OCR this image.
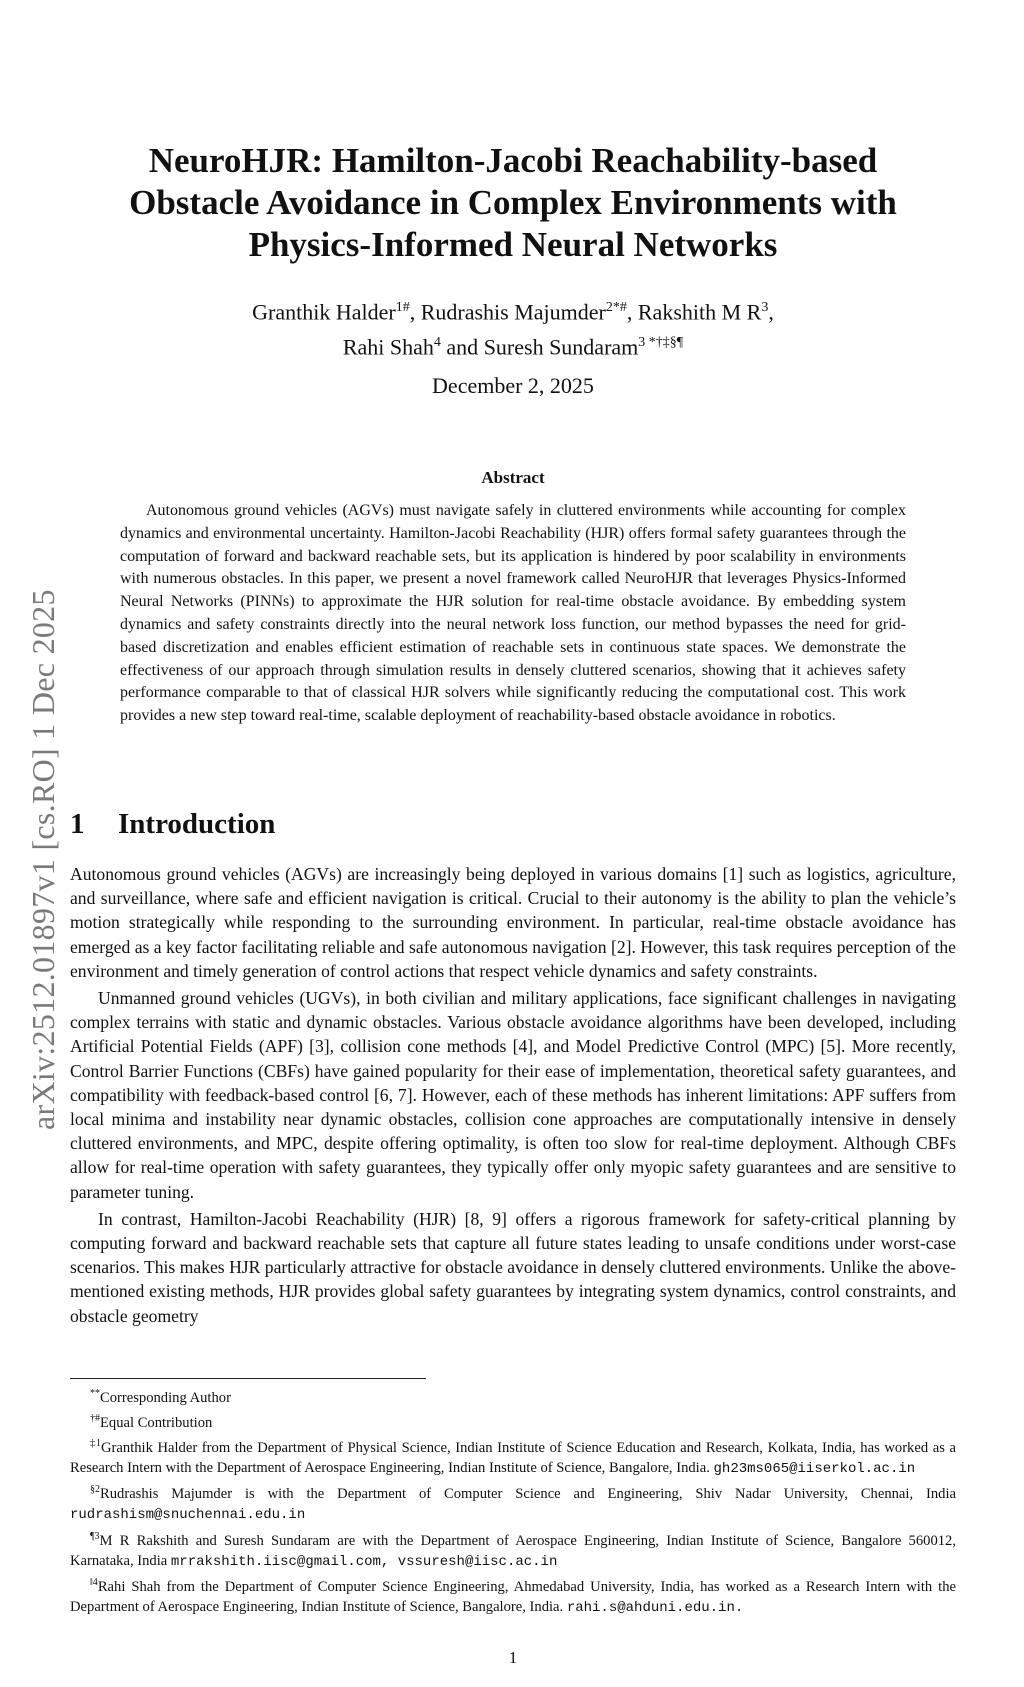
arXiv:2512.01897v1 [cs.RO] 1 Dec 2025
NeuroHJR: Hamilton-Jacobi Reachability-based
Obstacle Avoidance in Complex Environments with
Physics-Informed Neural Networks
Granthik Halder$^{1\#}$, Rudrashis Majumder$^{2*\#}$, Rakshith M $R^3$,
Rahi Shah$^4$ and Suresh Sundaram$^{3 *\dagger\ddagger\S\P}$
December 2, 2025
Abstract

Autonomous ground vehicles (AGVs) must navigate safely in cluttered environments while accounting for complex dynamics and environmental uncertainty. Hamilton-Jacobi Reachability (HJR) offers formal safety guarantees through the computation of forward and backward reachable sets, but its application is hindered by poor scalability in environments with numerous obstacles. In this paper, we present a novel framework called NeuroHJR that leverages Physics-Informed Neural Networks (PINNs) to approximate the HJR solution for real-time obstacle avoidance. By embedding system dynamics and safety constraints directly into the neural network loss function, our method bypasses the need for grid-based discretization and enables efficient estimation of reachable sets in continuous state spaces. We demonstrate the effectiveness of our approach through simulation results in densely cluttered scenarios, showing that it achieves safety performance comparable to that of classical HJR solvers while significantly reducing the computational cost. This work provides a new step toward real-time, scalable deployment of reachability-based obstacle avoidance in robotics.

1 Introduction

Autonomous ground vehicles (AGVs) are increasingly being deployed in various domains [1] such as logistics, agriculture, and surveillance, where safe and efficient navigation is critical. Crucial to their autonomy is the ability to plan the vehicle’s motion strategically while responding to the surrounding environment. In particular, real-time obstacle avoidance has emerged as a key factor facilitating reliable and safe autonomous navigation [2]. However, this task requires perception of the environment and timely generation of control actions that respect vehicle dynamics and safety constraints.

Unmanned ground vehicles (UGVs), in both civilian and military applications, face significant challenges in navigating complex terrains with static and dynamic obstacles. Various obstacle avoidance algorithms have been developed, including Artificial Potential Fields (APF) [3], collision cone methods [4], and Model Predictive Control (MPC) [5]. More recently, Control Barrier Functions (CBFs) have gained popularity for their ease of implementation, theoretical safety guarantees, and compatibility with feedback-based control [6, 7]. However, each of these methods has inherent limitations: APF suffers from local minima and instability near dynamic obstacles, collision cone approaches are computationally intensive in densely cluttered environments, and MPC, despite offering optimality, is often too slow for real-time deployment. Although CBFs allow for real-time operation with safety guarantees, they typically offer only myopic safety guarantees and are sensitive to parameter tuning.

In contrast, Hamilton-Jacobi Reachability (HJR) [8, 9] offers a rigorous framework for safety-critical planning by computing forward and backward reachable sets that capture all future states leading to unsafe conditions under worst-case scenarios. This makes HJR particularly attractive for obstacle avoidance in densely cluttered environments. Unlike the above-mentioned existing methods, HJR provides global safety guarantees by integrating system dynamics, control constraints, and obstacle geometry

**Corresponding Author

†#Equal Contribution

$^{\ddagger 1}$Granthik Halder from the Department of Physical Science, Indian Institute of Science Education and Research, Kolkata, India, has worked as a Research Intern with the Department of Aerospace Engineering, Indian Institute of Science, Bangalore, India. gh23ms065@iiserkol.ac.in

$^{\S 2}$Rudrashis Majumder is with the Department of Computer Science and Engineering, Shiv Nadar University, Chennai, India rudrashism@snuchennai.edu.in

$^{\P 3}$M R Rakshith and Suresh Sundaram are with the Department of Aerospace Engineering, Indian Institute of Science, Bangalore 560012, Karnataka, India mrrakshith.iisc@gmail.com, vssuresh@iisc.ac.in

$^{‖4}$Rahi Shah from the Department of Computer Science Engineering, Ahmedabad University, India, has worked as a Research Intern with the Department of Aerospace Engineering, Indian Institute of Science, Bangalore, India. rahi.s@ahduni.edu.in.

1
